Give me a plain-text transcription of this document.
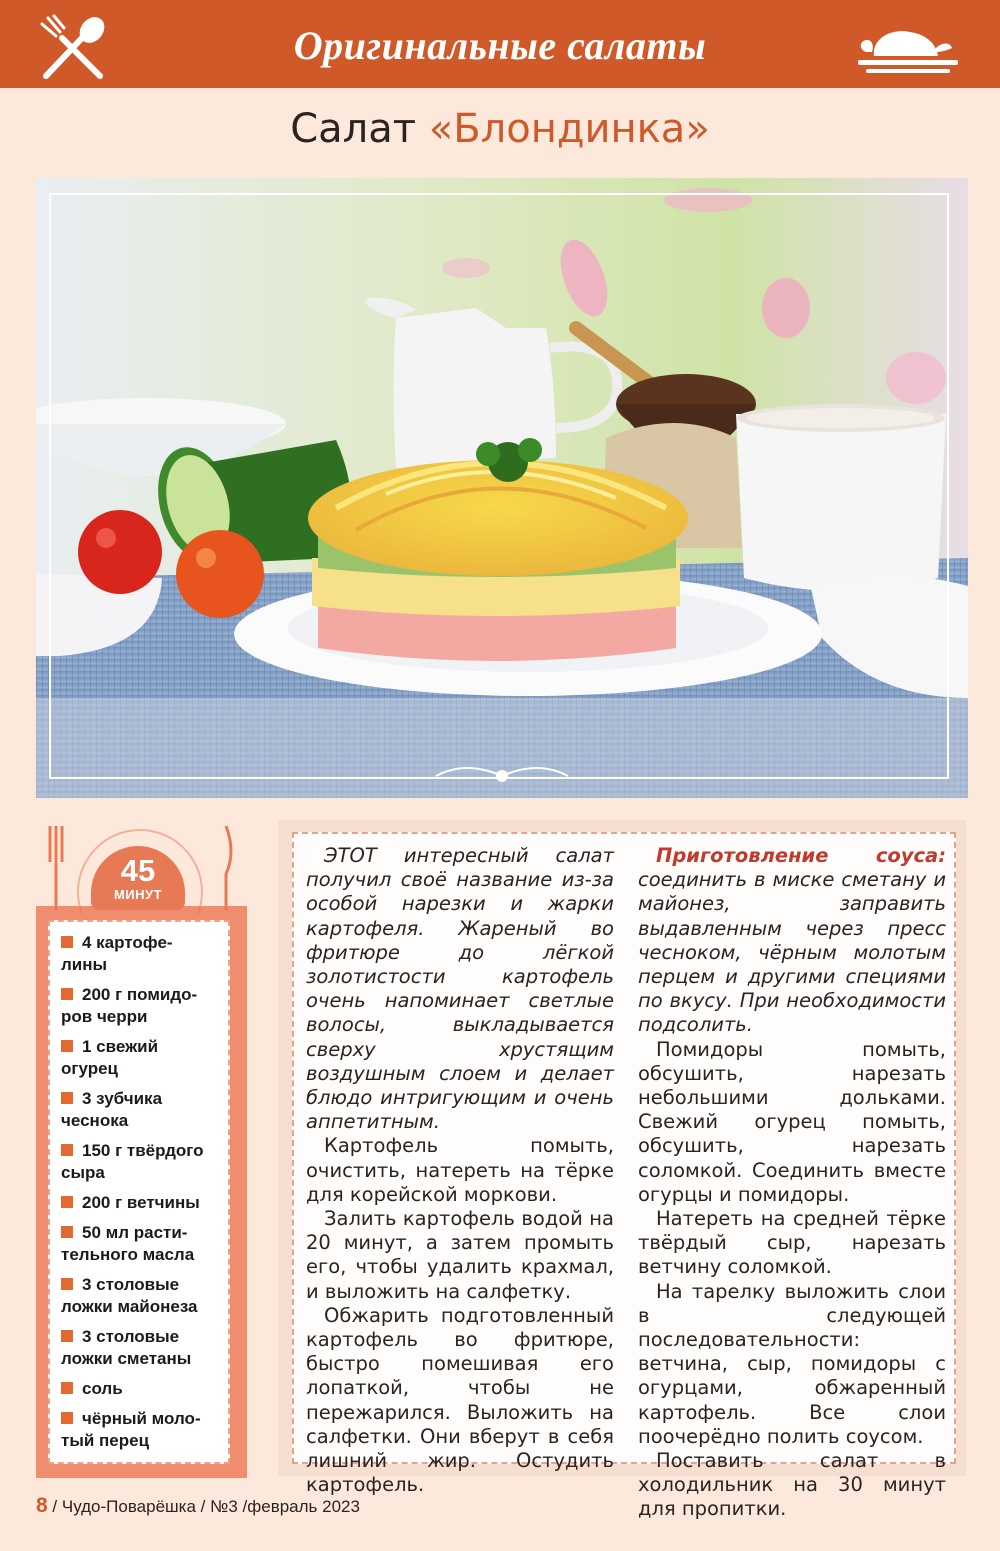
Оригинальные салаты
Салат «Блондинка»
45
МИНУТ
4 картофе-
лины
200 г помидо-
ров черри
1 свежий
огурец
3 зубчика
чеснока
150 г твёрдого
сыра
200 г ветчины
50 мл расти-
тельного масла
3 столовые
ложки майонеза
3 столовые
ложки сметаны
соль
чёрный моло-
тый перец

ЭТОТ интересный салат получил своё название из-за особой нарезки и жарки картофеля. Жареный во фритюре до лёгкой золотистости картофель очень напоминает светлые волосы, выкладывается сверху хрустящим воздушным слоем и делает блюдо интригующим и очень аппетитным.

Картофель помыть, очистить, натереть на тёрке для корейской моркови.

Залить картофель водой на 20 минут, а затем промыть его, чтобы удалить крахмал, и выложить на салфетку.

Обжарить подготовленный картофель во фритюре, быстро помешивая его лопаткой, чтобы не пережарился. Выложить на салфетки. Они вберут в себя лишний жир. Остудить картофель.

Приготовление соуса: соединить в миске сметану и майонез, заправить выдавленным через пресс чесноком, чёрным молотым перцем и другими специями по вкусу. При необходимости подсолить.

Помидоры помыть, обсушить, нарезать небольшими дольками. Свежий огурец помыть, обсушить, нарезать соломкой. Соединить вместе огурцы и помидоры.

Натереть на средней тёрке твёрдый сыр, нарезать ветчину соломкой.

На тарелку выложить слои в следующей последовательности: ветчина, сыр, помидоры с огурцами, обжаренный картофель. Все слои поочерёдно полить соусом.

Поставить салат в холодильник на 30 минут для пропитки.

8 / Чудо-Поварёшка / №3 /февраль 2023
